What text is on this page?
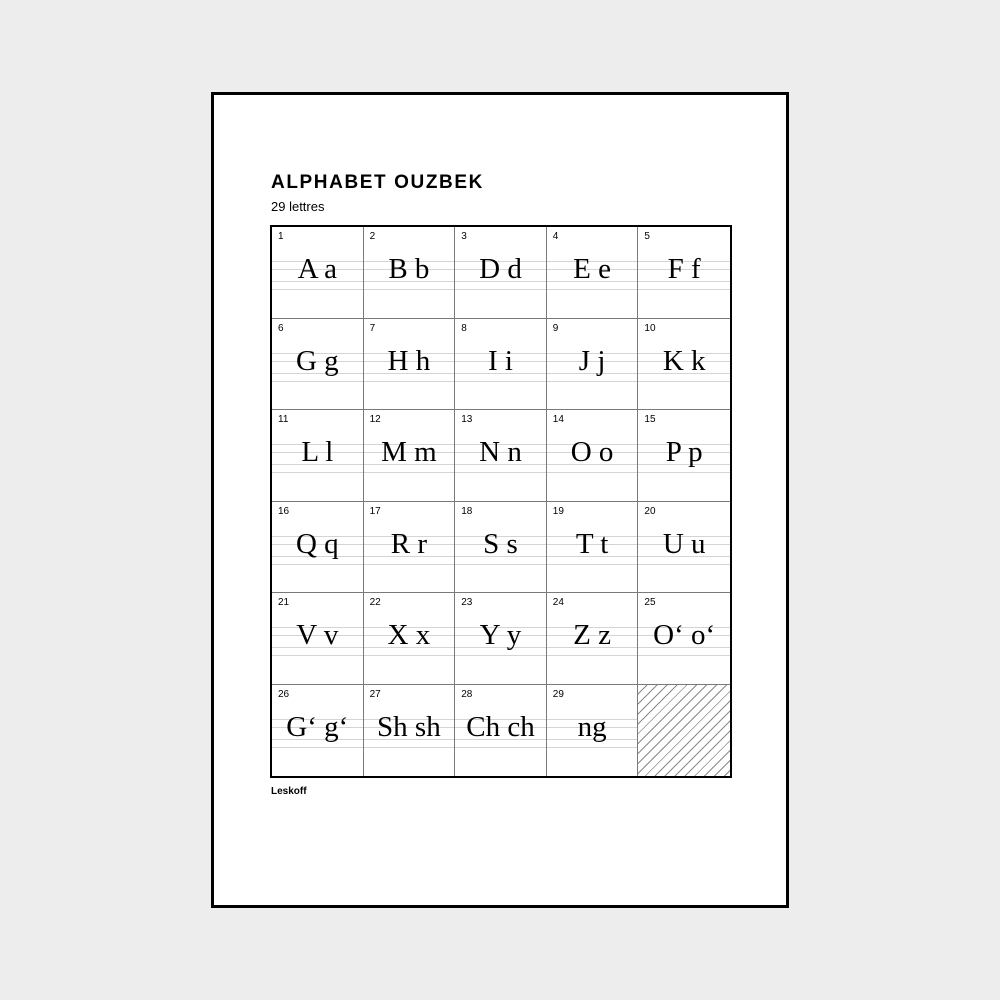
ALPHABET OUZBEK
29 lettres
1
A a
2
B b
3
D d
4
E e
5
F f
6
G g
7
H h
8
I i
9
J j
10
K k
11
L l
12
M m
13
N n
14
O o
15
P p
16
Q q
17
R r
18
S s
19
T t
20
U u
21
V v
22
X x
23
Y y
24
Z z
25
O‘ o‘
26
G‘ g‘
27
Sh sh
28
Ch ch
29
ng
Leskoff
